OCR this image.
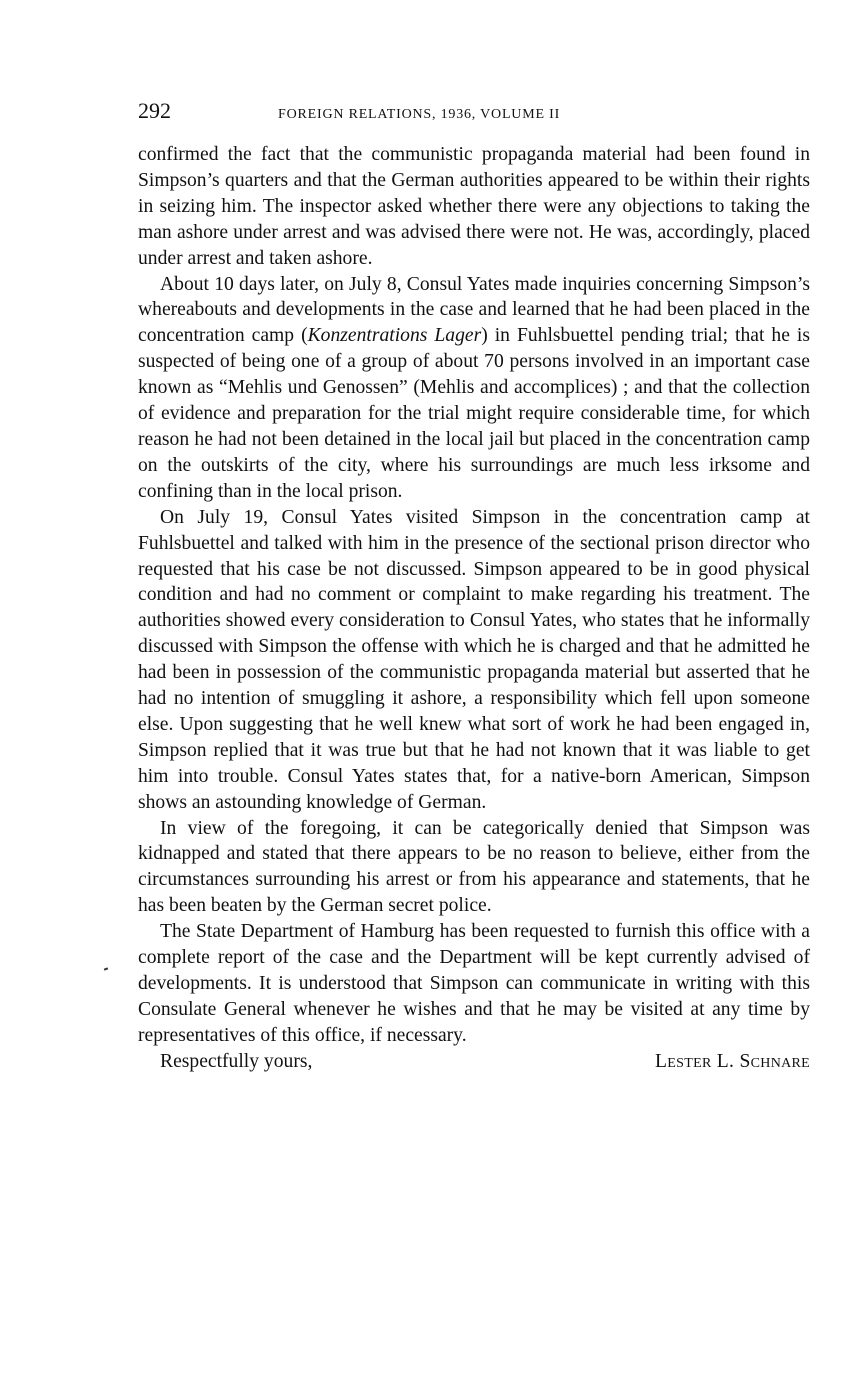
292	FOREIGN RELATIONS, 1936, VOLUME II

confirmed the fact that the communistic propaganda material had been found in Simpson’s quarters and that the German authorities appeared to be within their rights in seizing him. The inspector asked whether there were any objections to taking the man ashore under arrest and was advised there were not. He was, accordingly, placed under arrest and taken ashore.

About 10 days later, on July 8, Consul Yates made inquiries concerning Simpson’s whereabouts and developments in the case and learned that he had been placed in the concentration camp (Konzentrations Lager) in Fuhlsbuettel pending trial; that he is suspected of being one of a group of about 70 persons involved in an important case known as “Mehlis und Genossen” (Mehlis and accomplices) ; and that the collection of evidence and preparation for the trial might require considerable time, for which reason he had not been detained in the local jail but placed in the concentration camp on the outskirts of the city, where his surroundings are much less irksome and confining than in the local prison.

On July 19, Consul Yates visited Simpson in the concentration camp at Fuhlsbuettel and talked with him in the presence of the sectional prison director who requested that his case be not discussed. Simpson appeared to be in good physical condition and had no comment or complaint to make regarding his treatment. The authorities showed every consideration to Consul Yates, who states that he informally discussed with Simpson the offense with which he is charged and that he admitted he had been in possession of the communistic propaganda material but asserted that he had no intention of smuggling it ashore, a responsibility which fell upon someone else. Upon suggesting that he well knew what sort of work he had been engaged in, Simpson replied that it was true but that he had not known that it was liable to get him into trouble. Consul Yates states that, for a native-born American, Simpson shows an astounding knowledge of German.

In view of the foregoing, it can be categorically denied that Simpson was kidnapped and stated that there appears to be no reason to believe, either from the circumstances surrounding his arrest or from his appearance and statements, that he has been beaten by the German secret police.

The State Department of Hamburg has been requested to furnish this office with a complete report of the case and the Department will be kept currently advised of developments. It is understood that Simpson can communicate in writing with this Consulate General whenever he wishes and that he may be visited at any time by representatives of this office, if necessary.

Respectfully yours,	Lester L. Schnare
